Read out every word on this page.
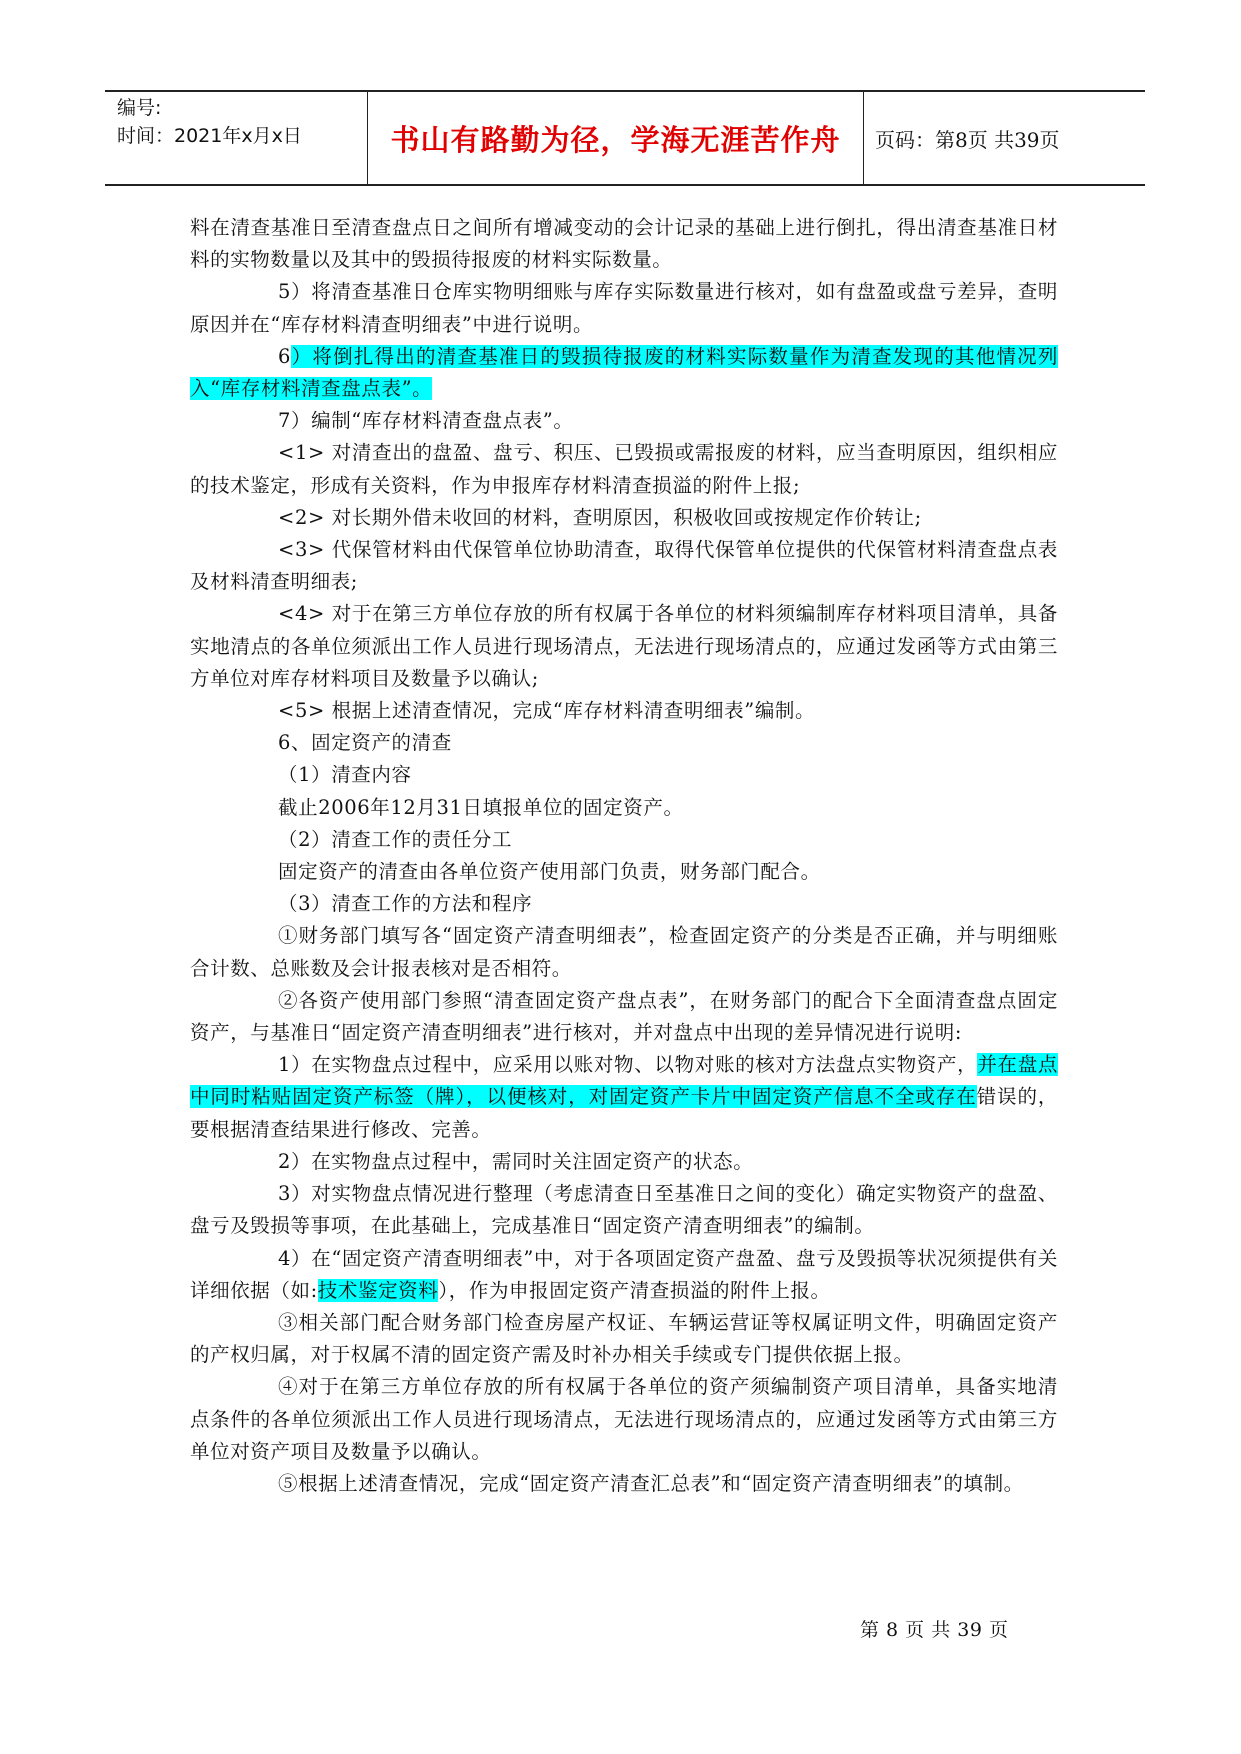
编号:
时间：2021年x月x日	书山有路勤为径，学海无涯苦作舟 页码：第8页 共39页

料在清查基准日至清查盘点日之间所有增减变动的会计记录的基础上进行倒扎，得出清查基准日材料的实物数量以及其中的毁损待报废的材料实际数量。

5）将清查基准日仓库实物明细账与库存实际数量进行核对，如有盘盈或盘亏差异，查明原因并在“库存材料清查明细表”中进行说明。

6）将倒扎得出的清查基准日的毁损待报废的材料实际数量作为清查发现的其他情况列入“库存材料清查盘点表”。

7）编制“库存材料清查盘点表”。

<1> 对清查出的盘盈、盘亏、积压、已毁损或需报废的材料，应当查明原因，组织相应的技术鉴定，形成有关资料，作为申报库存材料清查损溢的附件上报;

<2> 对长期外借未收回的材料，查明原因，积极收回或按规定作价转让;

<3> 代保管材料由代保管单位协助清查，取得代保管单位提供的代保管材料清查盘点表及材料清查明细表;

<4> 对于在第三方单位存放的所有权属于各单位的材料须编制库存材料项目清单，具备实地清点的各单位须派出工作人员进行现场清点，无法进行现场清点的，应通过发函等方式由第三方单位对库存材料项目及数量予以确认;

<5> 根据上述清查情况，完成“库存材料清查明细表”编制。

6、固定资产的清查

（1）清查内容

截止2006年12月31日填报单位的固定资产。

（2）清查工作的责任分工

固定资产的清查由各单位资产使用部门负责，财务部门配合。

（3）清查工作的方法和程序

①财务部门填写各“固定资产清查明细表”，检查固定资产的分类是否正确，并与明细账合计数、总账数及会计报表核对是否相符。

②各资产使用部门参照“清查固定资产盘点表”，在财务部门的配合下全面清查盘点固定资产，与基准日“固定资产清查明细表”进行核对，并对盘点中出现的差异情况进行说明:

1）在实物盘点过程中，应采用以账对物、以物对账的核对方法盘点实物资产，并在盘点中同时粘贴固定资产标签（牌），以便核对，对固定资产卡片中固定资产信息不全或存在错误的，要根据清查结果进行修改、完善。

2）在实物盘点过程中，需同时关注固定资产的状态。

3）对实物盘点情况进行整理（考虑清查日至基准日之间的变化）确定实物资产的盘盈、盘亏及毁损等事项，在此基础上，完成基准日“固定资产清查明细表”的编制。

4）在“固定资产清查明细表”中，对于各项固定资产盘盈、盘亏及毁损等状况须提供有关详细依据（如:技术鉴定资料），作为申报固定资产清查损溢的附件上报。

③相关部门配合财务部门检查房屋产权证、车辆运营证等权属证明文件，明确固定资产的产权归属，对于权属不清的固定资产需及时补办相关手续或专门提供依据上报。

④对于在第三方单位存放的所有权属于各单位的资产须编制资产项目清单，具备实地清点条件的各单位须派出工作人员进行现场清点，无法进行现场清点的，应通过发函等方式由第三方单位对资产项目及数量予以确认。

⑤根据上述清查情况，完成“固定资产清查汇总表”和“固定资产清查明细表”的填制。

第 8 页 共 39 页
